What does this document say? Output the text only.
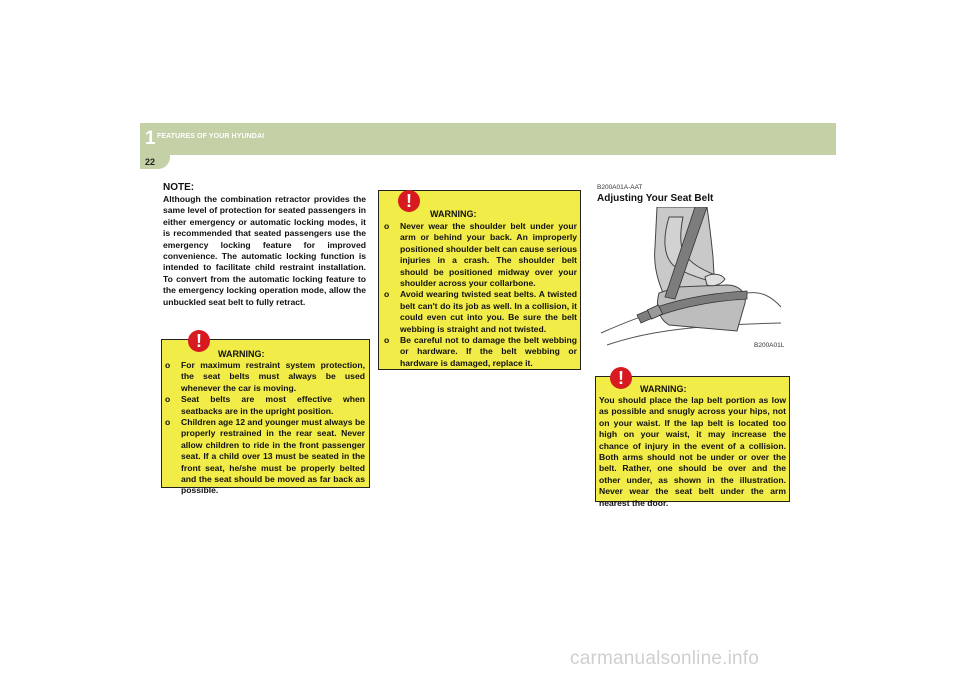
1 FEATURES OF YOUR HYUNDAI
22
NOTE:
Although the combination retractor provides the same level of protection for seated passengers in either emergency or automatic locking modes, it is recommended that seated passengers use the emergency locking feature for improved convenience. The automatic locking function is intended to facilitate child restraint installation. To convert from the automatic locking feature to the emergency locking operation mode, allow the unbuckled seat belt to fully retract.
!
WARNING:
o For maximum restraint system protection, the seat belts must always be used whenever the car is moving.
o Seat belts are most effective when seatbacks are in the upright position.
o Children age 12 and younger must always be properly restrained in the rear seat. Never allow children to ride in the front passenger seat. If a child over 13 must be seated in the front seat, he/she must be properly belted and the seat should be moved as far back as possible.
!
WARNING:
o Never wear the shoulder belt under your arm or behind your back. An improperly positioned shoulder belt can cause serious injuries in a crash. The shoulder belt should be positioned midway over your shoulder across your collarbone.
o Avoid wearing twisted seat belts. A twisted belt can't do its job as well. In a collision, it could even cut into you. Be sure the belt webbing is straight and not twisted.
o Be careful not to damage the belt webbing or hardware. If the belt webbing or hardware is damaged, replace it.
B200A01A-AAT
Adjusting Your Seat Belt
B200A01L
!
WARNING:
You should place the lap belt portion as low as possible and snugly across your hips, not on your waist. If the lap belt is located too high on your waist, it may increase the chance of injury in the event of a collision. Both arms should not be under or over the belt. Rather, one should be over and the other under, as shown in the illustration. Never wear the seat belt under the arm nearest the door.
carmanualsonline.info
